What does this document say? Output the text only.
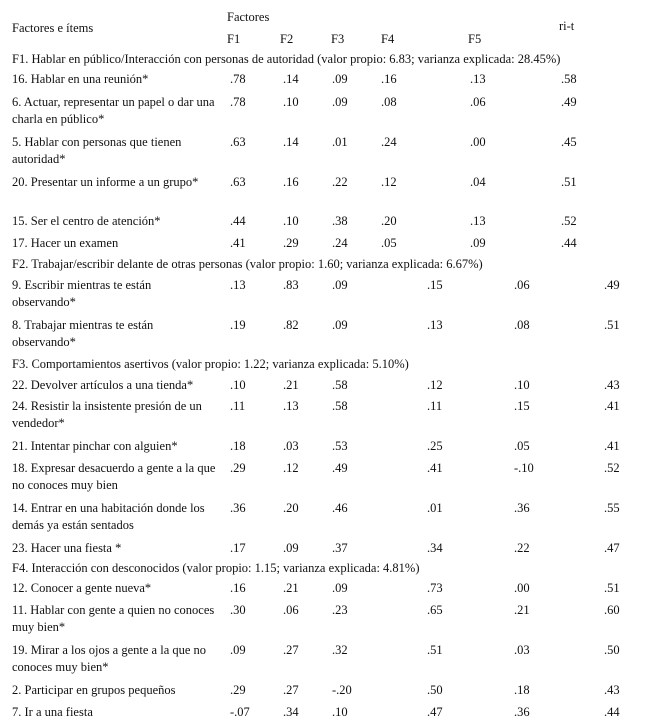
Factores e ítems
Factores
F1	F2	F3	F4	F5
ri-t
F1. Hablar en público/Interacción con personas de autoridad (valor propio: 6.83; varianza explicada: 28.45%)
16. Hablar en una reunión*	.78	.14	.09	.16	.13	.58
6. Actuar, representar un papel o dar una charla en público*
.78	.10	.09	.08	.06	.49
5. Hablar con personas que tienen autoridad*
.63	.14	.01	.24	.00	.45
20. Presentar un informe a un grupo*	.63	.16	.22	.12	.04	.51
15. Ser el centro de atención*	.44	.10	.38	.20	.13	.52
17. Hacer un examen	.41	.29	.24	.05	.09	.44
F2. Trabajar/escribir delante de otras personas (valor propio: 1.60; varianza explicada: 6.67%)
9. Escribir mientras te están observando*
.13	.83	.09	.15	.06	.49
8. Trabajar mientras te están observando*
.19	.82	.09	.13	.08	.51
F3. Comportamientos asertivos (valor propio: 1.22; varianza explicada: 5.10%)
22. Devolver artículos a una tienda*	.10	.21	.58	.12	.10	.43
24. Resistir la insistente presión de un vendedor*
.11	.13	.58	.11	.15	.41
21. Intentar pinchar con alguien*	.18	.03	.53	.25	.05	.41
18. Expresar desacuerdo a gente a la que no conoces muy bien
.29	.12	.49	.41	-.10	.52
14. Entrar en una habitación donde los demás ya están sentados
.36	.20	.46	.01	.36	.55
23. Hacer una fiesta *	.17	.09	.37	.34	.22	.47
F4. Interacción con desconocidos (valor propio: 1.15; varianza explicada: 4.81%)
12. Conocer a gente nueva*	.16	.21	.09	.73	.00	.51
11. Hablar con gente a quien no conoces muy bien*
.30	.06	.23	.65	.21	.60
19. Mirar a los ojos a gente a la que no conoces muy bien*
.09	.27	.32	.51	.03	.50
2. Participar en grupos pequeños	.29	.27	-.20	.50	.18	.43
7. Ir a una fiesta	-.07	.34	.10	.47	.36	.44
